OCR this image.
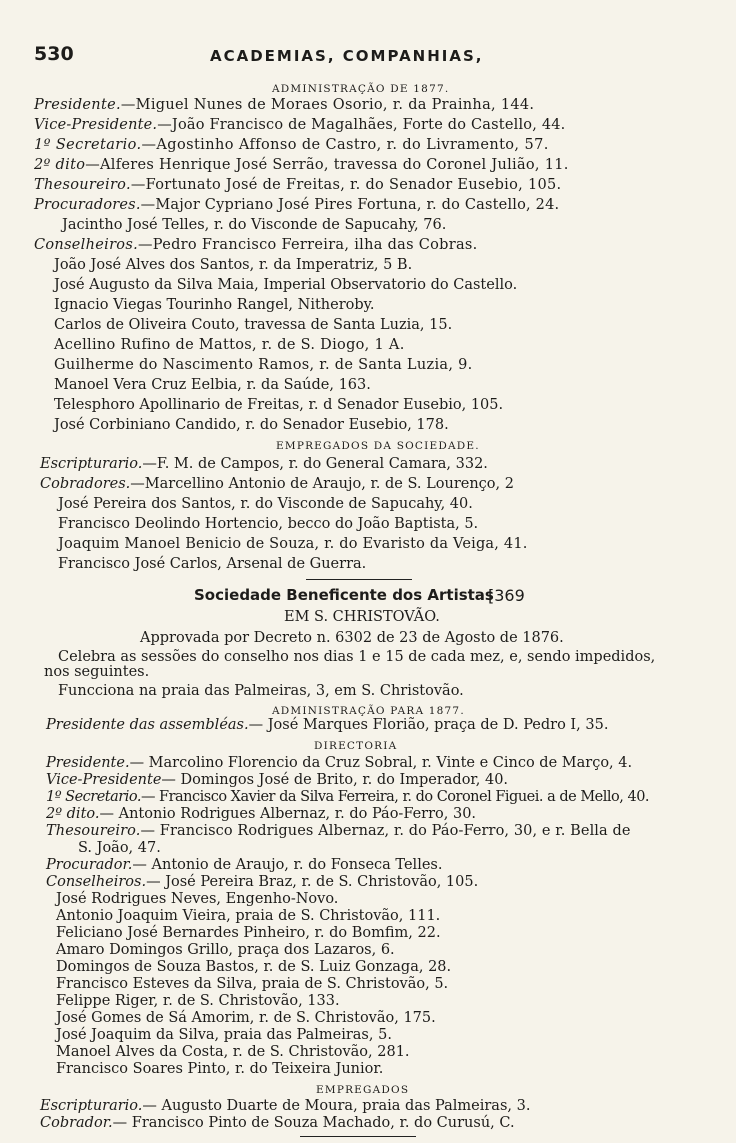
530	ACADEMIAS, COMPANHIAS,
ADMINISTRAÇÃO DE 1877.
Presidente.—Miguel Nunes de Moraes Osorio, r. da Prainha, 144.
Vice-Presidente.—João Francisco de Magalhães, Forte do Castello, 44.
1º Secretario.—Agostinho Affonso de Castro, r. do Livramento, 57.
2º dito—Alferes Henrique José Serrão, travessa do Coronel Julião, 11.
Thesoureiro.—Fortunato José de Freitas, r. do Senador Eusebio, 105.
Procuradores.—Major Cypriano José Pires Fortuna, r. do Castello, 24.
Jacintho José Telles, r. do Visconde de Sapucahy, 76.
Conselheiros.—Pedro Francisco Ferreira, ilha das Cobras.
João José Alves dos Santos, r. da Imperatriz, 5 B.
José Augusto da Silva Maia, Imperial Observatorio do Castello.
Ignacio Viegas Tourinho Rangel, Nitheroby.
Carlos de Oliveira Couto, travessa de Santa Luzia, 15.
Acellino Rufino de Mattos, r. de S. Diogo, 1 A.
Guilherme do Nascimento Ramos, r. de Santa Luzia, 9.
Manoel Vera Cruz Eelbia, r. da Saúde, 163.
Telesphoro Apollinario de Freitas, r. d Senador Eusebio, 105.
José Corbiniano Candido, r. do Senador Eusebio, 178.
EMPREGADOS DA SOCIEDADE.
Escripturario.—F. M. de Campos, r. do General Camara, 332.
Cobradores.—Marcellino Antonio de Araujo, r. de S. Lourenço, 2
José Pereira dos Santos, r. do Visconde de Sapucahy, 40.
Francisco Deolindo Hortencio, becco do João Baptista, 5.
Joaquim Manoel Benicio de Souza, r. do Evaristo da Veiga, 41.
Francisco José Carlos, Arsenal de Guerra.
Sociedade Beneficente dos Artistas
[369
EM S. CHRISTOVÃO.
Approvada por Decreto n. 6302 de 23 de Agosto de 1876.
Celebra as sessões do conselho nos dias 1 e 15 de cada mez, e, sendo impedidos,
nos seguintes.
Funcciona na praia das Palmeiras, 3, em S. Christovão.
ADMINISTRAÇÃO PARA 1877.
Presidente das assembléas.— José Marques Florião, praça de D. Pedro I, 35.
DIRECTORIA
Presidente.— Marcolino Florencio da Cruz Sobral, r. Vinte e Cinco de Março, 4.
Vice-Presidente— Domingos José de Brito, r. do Imperador, 40.
1º Secretario.— Francisco Xavier da Silva Ferreira, r. do Coronel Figuei. a de Mello, 40.
2º dito.— Antonio Rodrigues Albernaz, r. do Páo-Ferro, 30.
Thesoureiro.— Francisco Rodrigues Albernaz, r. do Páo-Ferro, 30, e r. Bella de
S. João, 47.
Procurador.— Antonio de Araujo, r. do Fonseca Telles.
Conselheiros.— José Pereira Braz, r. de S. Christovão, 105.
José Rodrigues Neves, Engenho-Novo.
Antonio Joaquim Vieira, praia de S. Christovão, 111.
Feliciano José Bernardes Pinheiro, r. do Bomfim, 22.
Amaro Domingos Grillo, praça dos Lazaros, 6.
Domingos de Souza Bastos, r. de S. Luiz Gonzaga, 28.
Francisco Esteves da Silva, praia de S. Christovão, 5.
Felippe Riger, r. de S. Christovão, 133.
José Gomes de Sá Amorim, r. de S. Christovão, 175.
José Joaquim da Silva, praia das Palmeiras, 5.
Manoel Alves da Costa, r. de S. Christovão, 281.
Francisco Soares Pinto, r. do Teixeira Junior.
EMPREGADOS
Escripturario.— Augusto Duarte de Moura, praia das Palmeiras, 3.
Cobrador.— Francisco Pinto de Souza Machado, r. do Curusú, C.
